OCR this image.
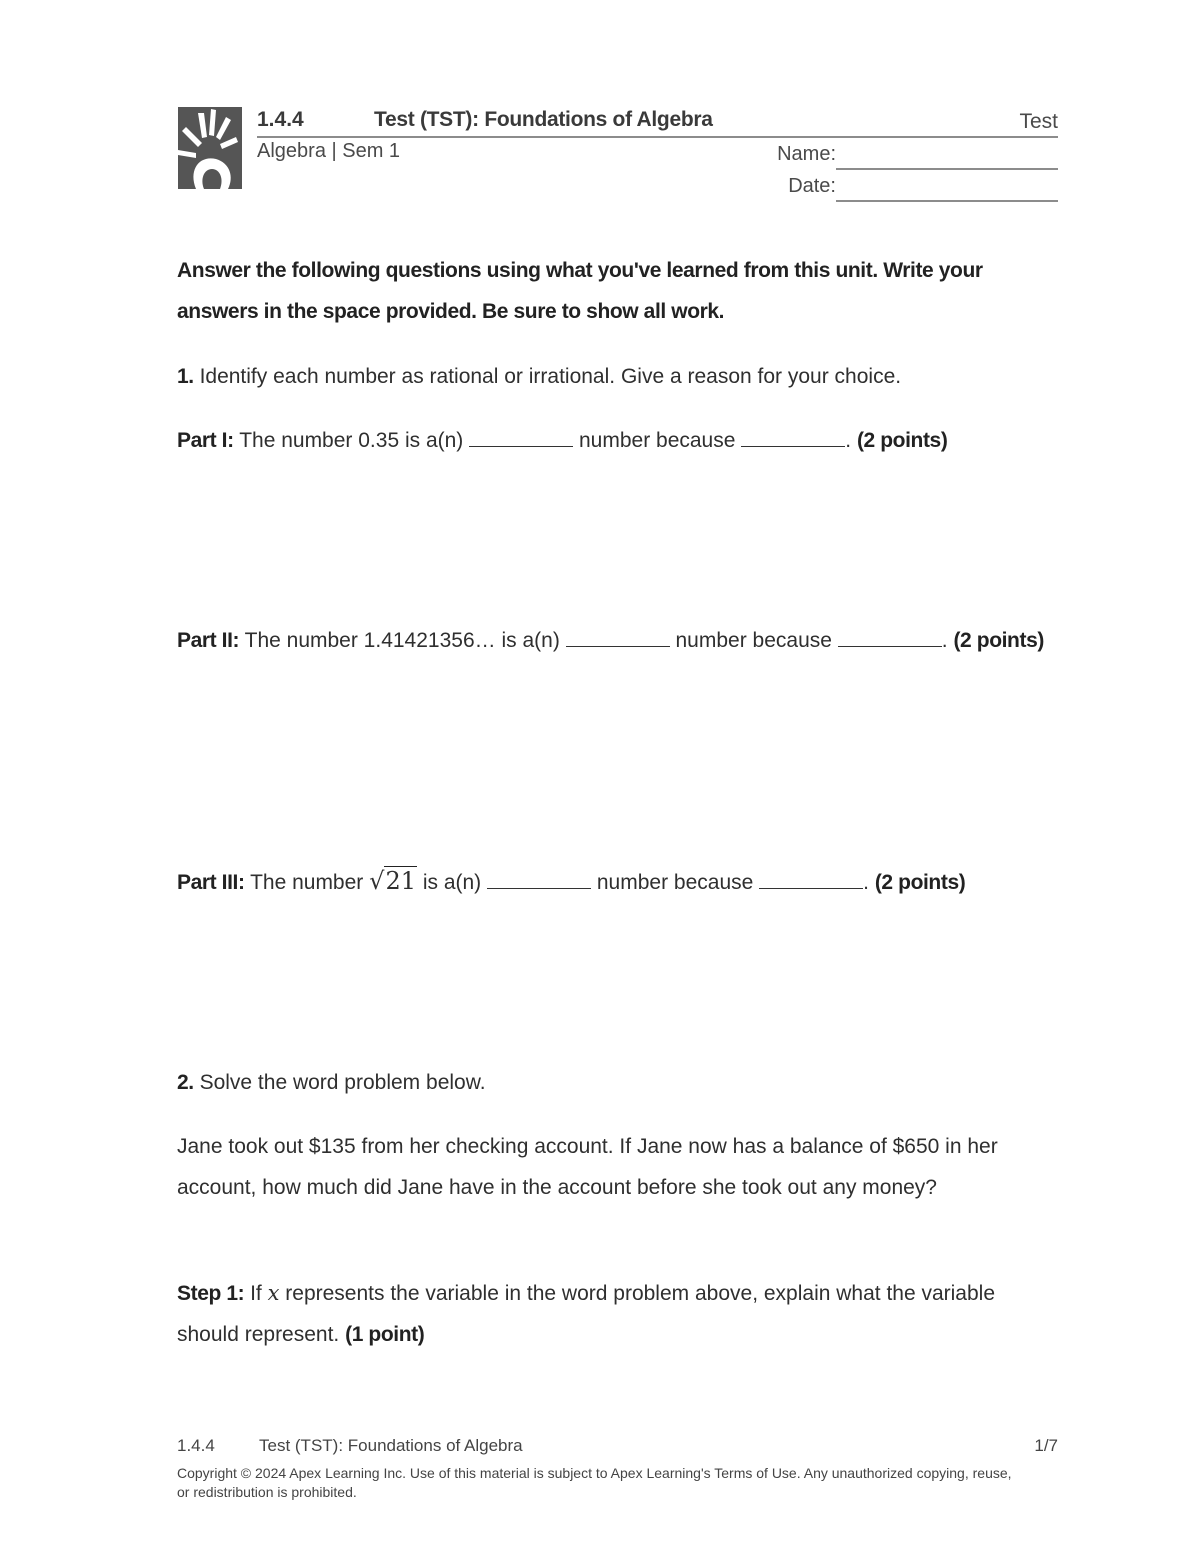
1.4.4	Test (TST): Foundations of Algebra	Test
Algebra | Sem 1	Name:
Date:
Answer the following questions using what you've learned from this unit. Write your answers in the space provided. Be sure to show all work.
1. Identify each number as rational or irrational. Give a reason for your choice.
Part I: The number 0.35 is a(n)	number because	. (2 points)
Part II: The number 1.41421356… is a(n)	number because	. (2 points)
Part III: The number √21 is a(n)	number because	. (2 points)
2. Solve the word problem below.
Jane took out $135 from her checking account. If Jane now has a balance of $650 in her account, how much did Jane have in the account before she took out any money?
Step 1: If x represents the variable in the word problem above, explain what the variable should represent. (1 point)
1.4.4	Test (TST): Foundations of Algebra	1/7
Copyright © 2024 Apex Learning Inc. Use of this material is subject to Apex Learning's Terms of Use. Any unauthorized copying, reuse, or redistribution is prohibited.
